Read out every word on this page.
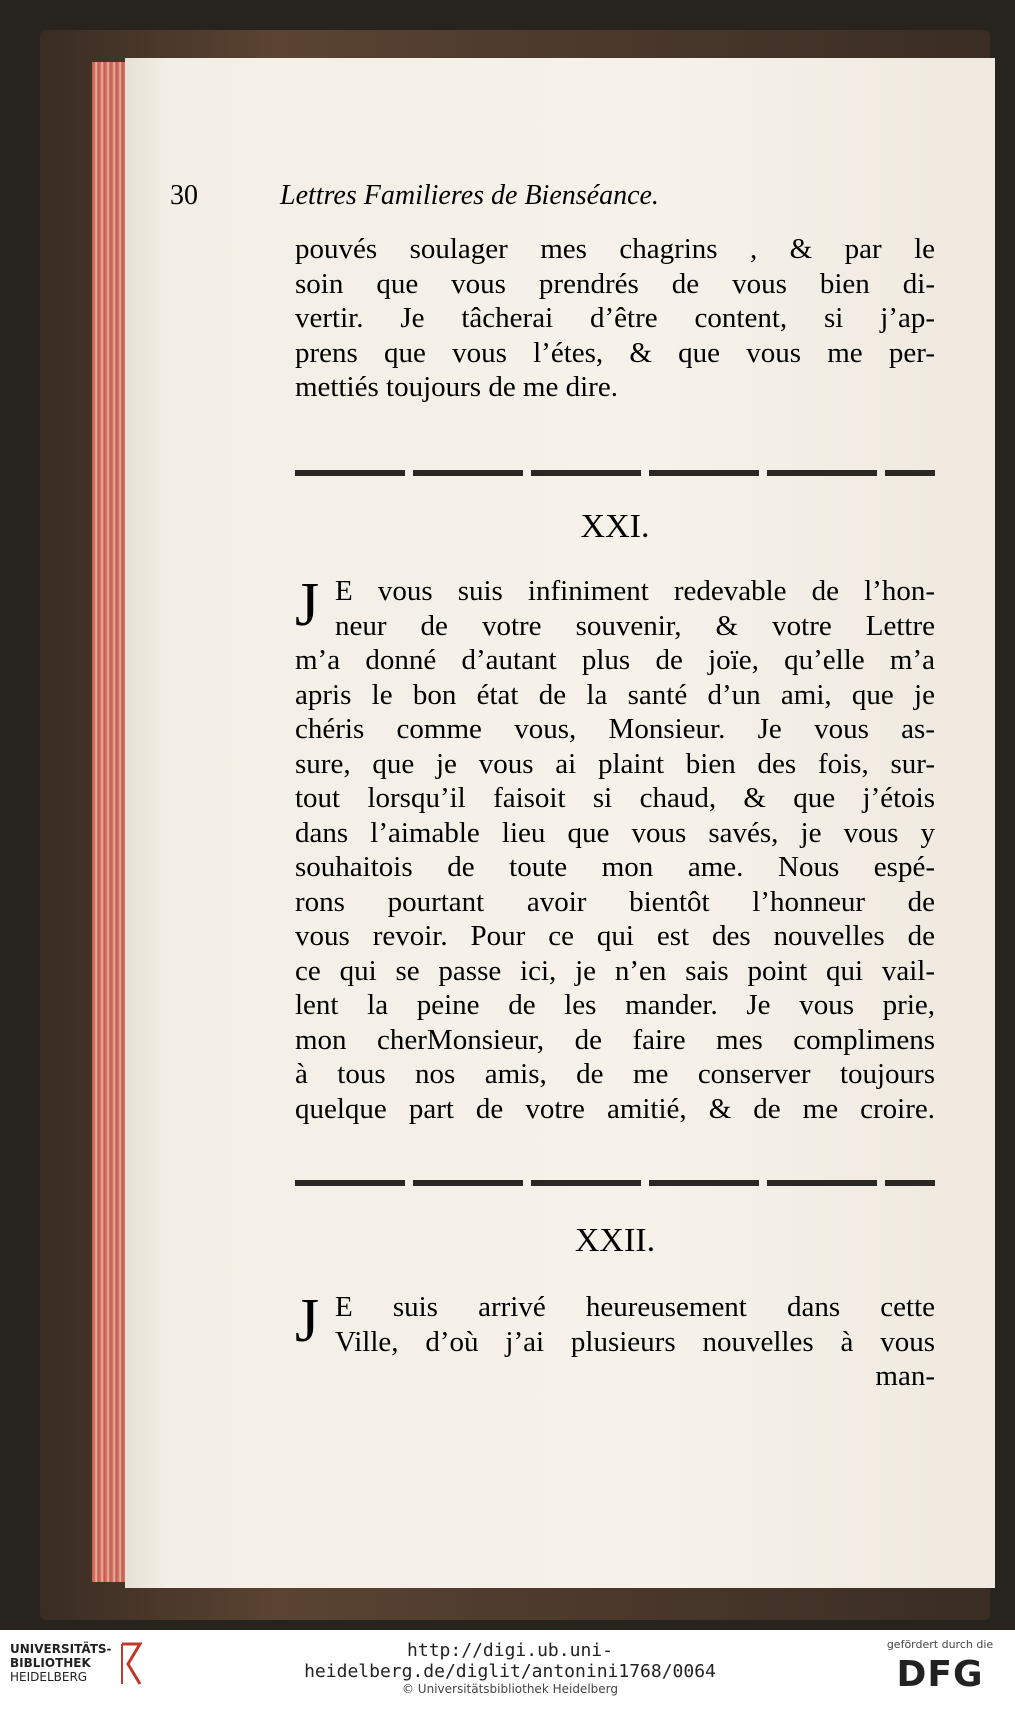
30	Lettres Familieres de Bienséance.
pouvés soulager mes chagrins , & par le
soin que vous prendrés de vous bien di-
vertir. Je tâcherai d’être content, si j’ap-
prens que vous l’étes, & que vous me per-
mettiés toujours de me dire.
XXI.
J E vous suis infiniment redevable de l’hon-
neur de votre souvenir, & votre Lettre
m’a donné d’autant plus de joïe, qu’elle m’a
apris le bon état de la santé d’un ami, que je
chéris comme vous, Monsieur. Je vous as-
sure, que je vous ai plaint bien des fois, sur-
tout lorsqu’il faisoit si chaud, & que j’étois
dans l’aimable lieu que vous savés, je vous y
souhaitois de toute mon ame. Nous espé-
rons pourtant avoir bientôt l’honneur de
vous revoir. Pour ce qui est des nouvelles de
ce qui se passe ici, je n’en sais point qui vail-
lent la peine de les mander. Je vous prie,
mon cherMonsieur, de faire mes complimens
à tous nos amis, de me conserver toujours
quelque part de votre amitié, & de me croire.
XXII.
J E suis arrivé heureusement dans cette
Ville, d’où j’ai plusieurs nouvelles à vous
man-
UNIVERSITÄTS-
BIBLIOTHEK
HEIDELBERG
http://digi.ub.uni-heidelberg.de/diglit/antonini1768/0064
© Universitätsbibliothek Heidelberg
gefördert durch die
DFG
